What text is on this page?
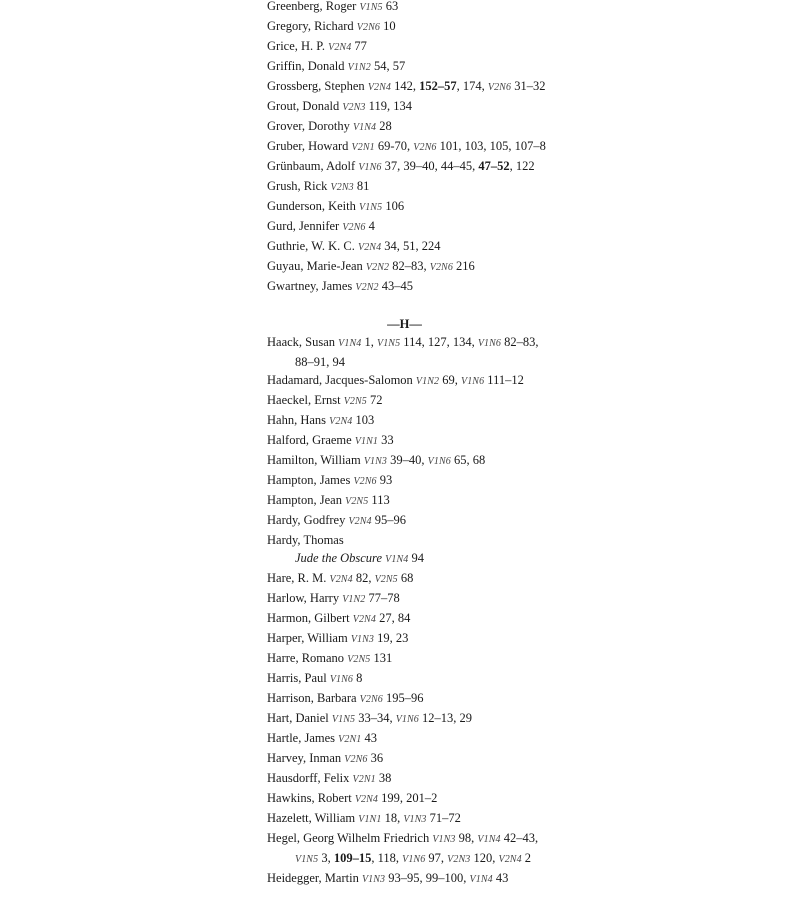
Greenberg, Roger V1N5 63
Gregory, Richard V2N6 10
Grice, H. P. V2N4 77
Griffin, Donald V1N2 54, 57
Grossberg, Stephen V2N4 142, 152–57, 174, V2N6 31–32
Grout, Donald V2N3 119, 134
Grover, Dorothy V1N4 28
Gruber, Howard V2N1 69-70, V2N6 101, 103, 105, 107–8
Grünbaum, Adolf V1N6 37, 39–40, 44–45, 47–52, 122
Grush, Rick V2N3 81
Gunderson, Keith V1N5 106
Gurd, Jennifer V2N6 4
Guthrie, W. K. C. V2N4 34, 51, 224
Guyau, Marie-Jean V2N2 82–83, V2N6 216
Gwartney, James V2N2 43–45
—H—
Haack, Susan V1N4 1, V1N5 114, 127, 134, V1N6 82–83, 88–91, 94
Hadamard, Jacques-Salomon V1N2 69, V1N6 111–12
Haeckel, Ernst V2N5 72
Hahn, Hans V2N4 103
Halford, Graeme V1N1 33
Hamilton, William V1N3 39–40, V1N6 65, 68
Hampton, James V2N6 93
Hampton, Jean V2N5 113
Hardy, Godfrey V2N4 95–96
Hardy, Thomas
Jude the Obscure V1N4 94
Hare, R. M. V2N4 82, V2N5 68
Harlow, Harry V1N2 77–78
Harmon, Gilbert V2N4 27, 84
Harper, William V1N3 19, 23
Harre, Romano V2N5 131
Harris, Paul V1N6 8
Harrison, Barbara V2N6 195–96
Hart, Daniel V1N5 33–34, V1N6 12–13, 29
Hartle, James V2N1 43
Harvey, Inman V2N6 36
Hausdorff, Felix V2N1 38
Hawkins, Robert V2N4 199, 201–2
Hazelett, William V1N1 18, V1N3 71–72
Hegel, Georg Wilhelm Friedrich V1N3 98, V1N4 42–43, V1N5 3, 109–15, 118, V1N6 97, V2N3 120, V2N4 2
Heidegger, Martin V1N3 93–95, 99–100, V1N4 43
